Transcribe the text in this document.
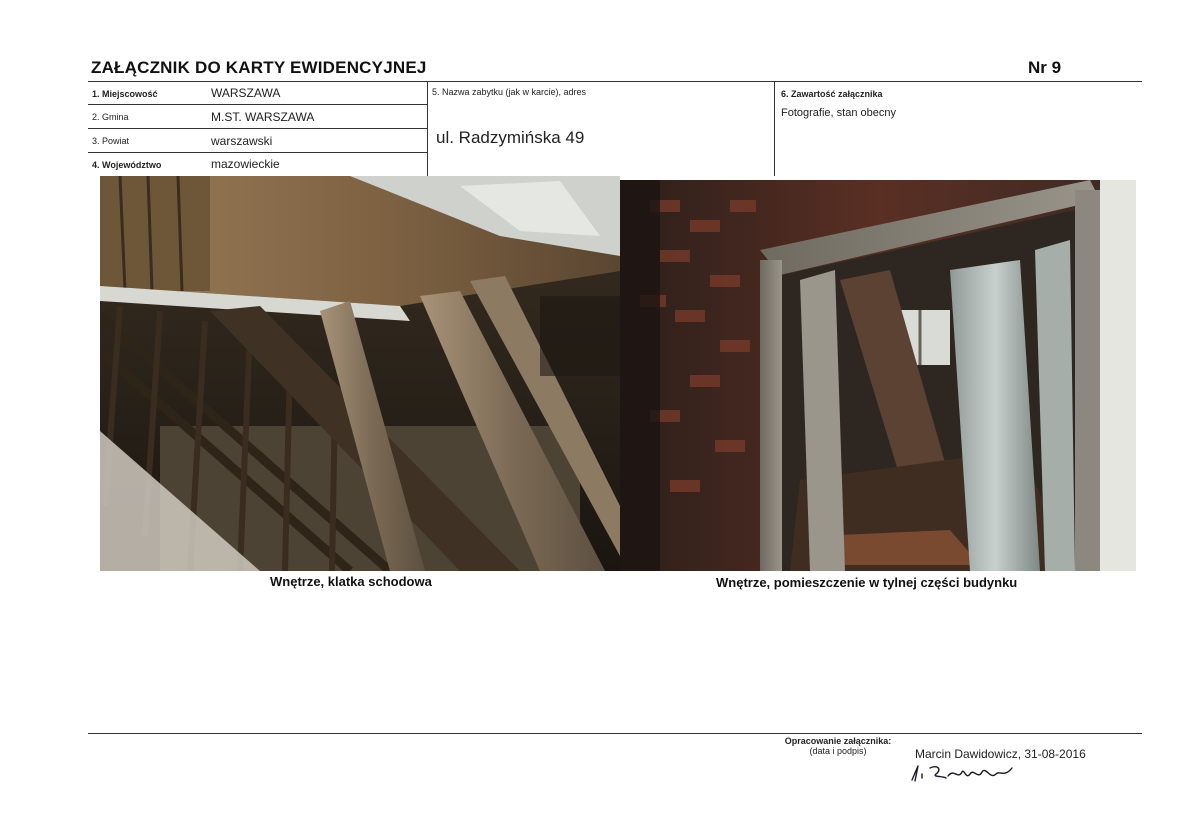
ZAŁĄCZNIK DO KARTY EWIDENCYJNEJ	Nr 9
1. Miejscowość	WARSZAWA
2. Gmina	M.ST. WARSZAWA
3. Powiat	warszawski
4. Województwo	mazowieckie
5. Nazwa zabytku (jak w karcie), adres
ul. Radzymińska 49
6. Zawartość załącznika
Fotografie, stan obecny
Wnętrze, klatka schodowa	Wnętrze, pomieszczenie w tylnej części budynku
Opracowanie załącznika:
(data i podpis)	Marcin Dawidowicz, 31-08-2016
